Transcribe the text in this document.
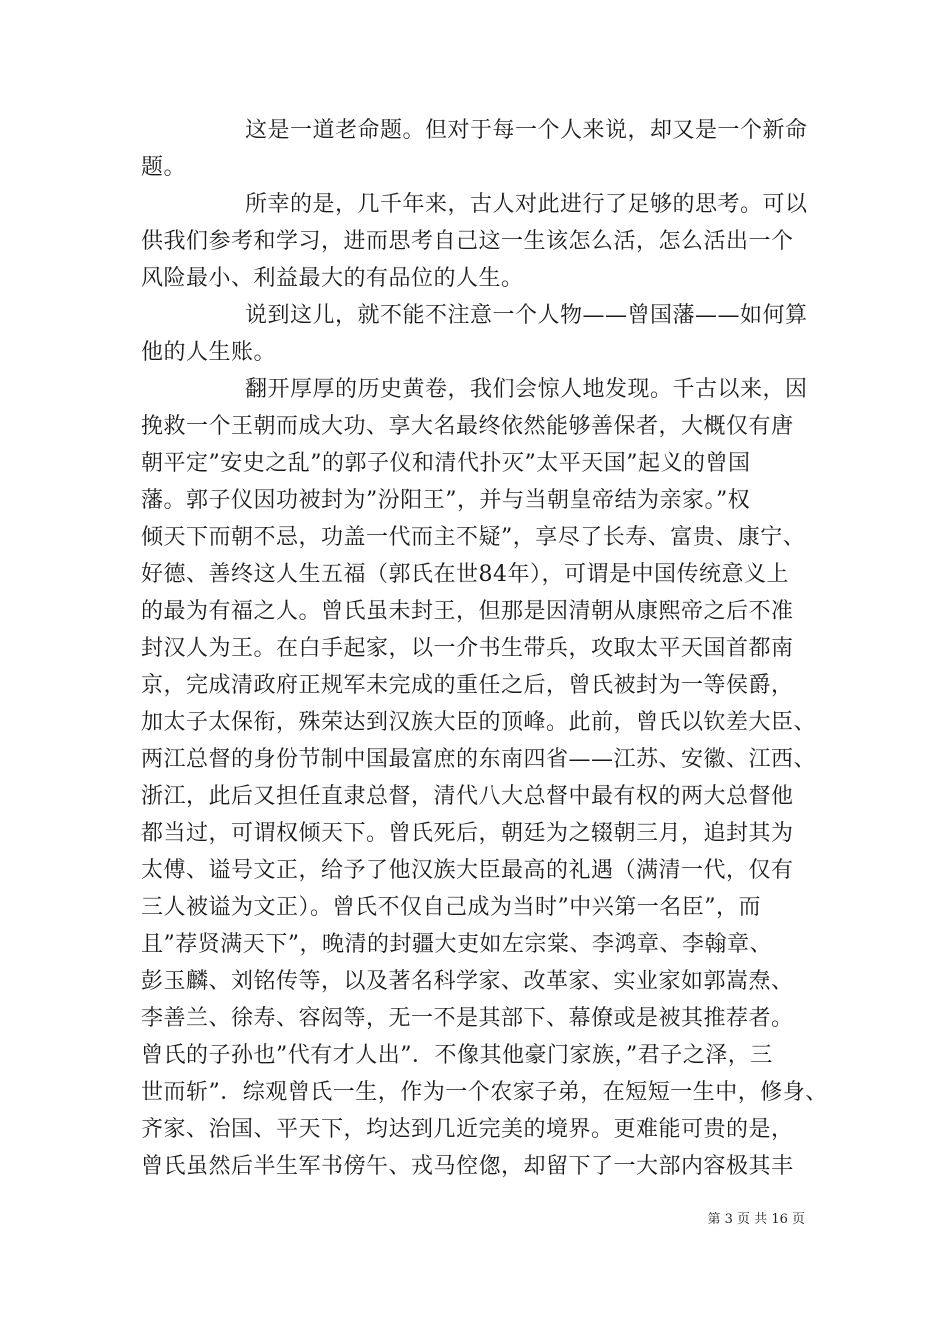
这是一道老命题。但对于每一个人来说，却又是一个新命
题。
所幸的是，几千年来，古人对此进行了足够的思考。可以
供我们参考和学习，进而思考自己这一生该怎么活，怎么活出一个
风险最小、利益最大的有品位的人生。
说到这儿，就不能不注意一个人物——曾国藩——如何算
他的人生账。
翻开厚厚的历史黄卷，我们会惊人地发现。千古以来，因
挽救一个王朝而成大功、享大名最终依然能够善保者，大概仅有唐
朝平定”安史之乱”的郭子仪和清代扑灭”太平天国”起义的曾国
藩。郭子仪因功被封为”汾阳王”，并与当朝皇帝结为亲家。”权
倾天下而朝不忌，功盖一代而主不疑”，享尽了长寿、富贵、康宁、
好德、善终这人生五福（郭氏在世84年），可谓是中国传统意义上
的最为有福之人。曾氏虽未封王，但那是因清朝从康熙帝之后不准
封汉人为王。在白手起家，以一介书生带兵，攻取太平天国首都南
京，完成清政府正规军未完成的重任之后，曾氏被封为一等侯爵，
加太子太保衔，殊荣达到汉族大臣的顶峰。此前，曾氏以钦差大臣、
两江总督的身份节制中国最富庶的东南四省——江苏、安徽、江西、
浙江，此后又担任直隶总督，清代八大总督中最有权的两大总督他
都当过，可谓权倾天下。曾氏死后，朝廷为之辍朝三月，追封其为
太傅、谥号文正，给予了他汉族大臣最高的礼遇（满清一代，仅有
三人被谥为文正）。曾氏不仅自己成为当时”中兴第一名臣”，而
且”荐贤满天下”，晚清的封疆大吏如左宗棠、李鸿章、李翰章、
彭玉麟、刘铭传等，以及著名科学家、改革家、实业家如郭嵩焘、
李善兰、徐寿、容闳等，无一不是其部下、幕僚或是被其推荐者。
曾氏的子孙也”代有才人出”．不像其他豪门家族，”君子之泽，三
世而斩”．综观曾氏一生，作为一个农家子弟，在短短一生中，修身、
齐家、治国、平天下，均达到几近完美的境界。更难能可贵的是，
曾氏虽然后半生军书傍午、戎马倥偬，却留下了一大部内容极其丰
第 3 页 共 16 页
